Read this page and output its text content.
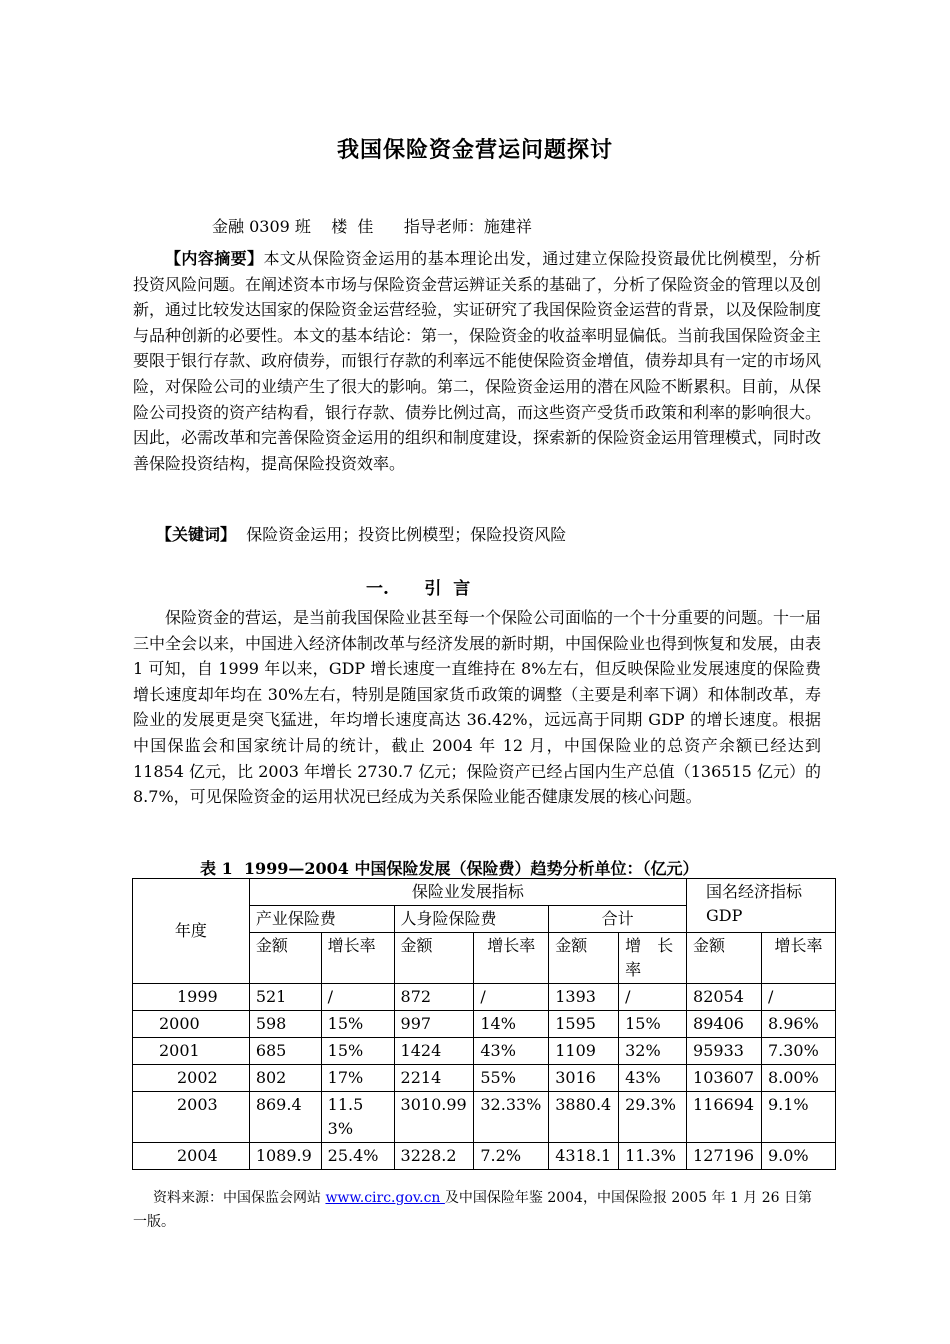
我国保险资金营运问题探讨
金融 0309 班    楼  佳      指导老师：施建祥

【内容摘要】本文从保险资金运用的基本理论出发，通过建立保险投资最优比例模型，分析投资风险问题。在阐述资本市场与保险资金营运辨证关系的基础了，分析了保险资金的管理以及创新，通过比较发达国家的保险资金运营经验，实证研究了我国保险资金运营的背景，以及保险制度与品种创新的必要性。本文的基本结论：第一，保险资金的收益率明显偏低。当前我国保险资金主要限于银行存款、政府债券，而银行存款的利率远不能使保险资金增值，债券却具有一定的市场风险，对保险公司的业绩产生了很大的影响。第二，保险资金运用的潜在风险不断累积。目前，从保险公司投资的资产结构看，银行存款、债券比例过高，而这些资产受货币政策和利率的影响很大。因此，必需改革和完善保险资金运用的组织和制度建设，探索新的保险资金运用管理模式，同时改善保险投资结构，提高保险投资效率。

【关键词】  保险资金运用；投资比例模型；保险投资风险
一.      引  言

保险资金的营运，是当前我国保险业甚至每一个保险公司面临的一个十分重要的问题。十一届三中全会以来，中国进入经济体制改革与经济发展的新时期，中国保险业也得到恢复和发展，由表 1 可知，自 1999 年以来，GDP 增长速度一直维持在 8%左右，但反映保险业发展速度的保险费增长速度却年均在 30%左右，特别是随国家货币政策的调整（主要是利率下调）和体制改革，寿险业的发展更是突飞猛进，年均增长速度高达 36.42%，远远高于同期 GDP 的增长速度。根据中国保监会和国家统计局的统计，截止 2004 年 12 月，中国保险业的总资产余额已经达到 11854 亿元，比 2003 年增长 2730.7 亿元；保险资产已经占国内生产总值（136515 亿元）的 8.7%，可见保险资金的运用状况已经成为关系保险业能否健康发展的核心问题。

表 1  1999—2004 中国保险发展（保险费）趋势分析单位：（亿元）
年度	保险业发展指标						国名经济指标 GDP	

	产业保险费		人身险保险费		合计			
	金额	增长率	金额	增长率	金额	增　长率	金额	增长率
1999	521	/	872	/	1393	/	82054	/
2000	598	15%	997	14%	1595	15%	89406	8.96%
2001	685	15%	1424	43%	1109	32%	95933	7.30%
2002	802	17%	2214	55%	3016	43%	103607	8.00%
2003	869.4	11.53%	3010.99	32.33%	3880.4	29.3%	116694	9.1%
2004	1089.9	25.4%	3228.2	7.2%	4318.1	11.3%	127196	9.0%

资料来源：中国保监会网站 www.circ.gov.cn 及中国保险年鉴 2004，中国保险报 2005 年 1 月 26 日第一版。
